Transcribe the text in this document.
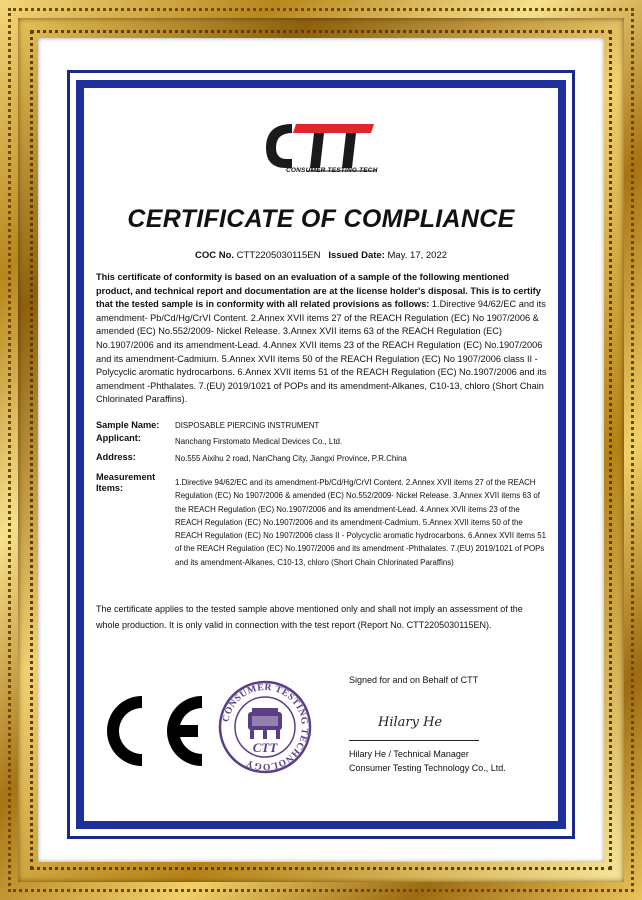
CONSUMER TESTING TECH
CERTIFICATE OF COMPLIANCE
COC No. CTT2205030115EN Issued Date: May. 17, 2022
This certificate of conformity is based on an evaluation of a sample of the following mentioned product, and technical report and documentation are at the license holder's disposal. This is to certify that the tested sample is in conformity with all related provisions as follows: 1.Directive 94/62/EC and its amendment- Pb/Cd/Hg/CrVI Content. 2.Annex XVII items 27 of the REACH Regulation (EC) No 1907/2006 & amended (EC) No.552/2009- Nickel Release. 3.Annex XVII items 63 of the REACH Regulation (EC) No.1907/2006 and its amendment-Lead. 4.Annex XVII items 23 of the REACH Regulation (EC) No.1907/2006 and its amendment-Cadmium. 5.Annex XVII items 50 of the REACH Regulation (EC) No 1907/2006 class II - Polycyclic aromatic hydrocarbons. 6.Annex XVII items 51 of the REACH Regulation (EC) No.1907/2006 and its amendment -Phthalates. 7.(EU) 2019/1021 of POPs and its amendment-Alkanes, C10-13, chloro (Short Chain Chlorinated Paraffins).
Sample Name:	DISPOSABLE PIERCING INSTRUMENT
Applicant:	Nanchang Firstomato Medical Devices Co., Ltd.
Address:	No.555 Aixihu 2 road, NanChang City, Jiangxi Province, P.R.China
Measurement Items:
1.Directive 94/62/EC and its amendment-Pb/Cd/Hg/CrVI Content. 2.Annex XVII items 27 of the REACH Regulation (EC) No 1907/2006 & amended (EC) No.552/2009- Nickel Release. 3.Annex XVII items 63 of the REACH Regulation (EC) No.1907/2006 and its amendment-Lead. 4.Annex XVII items 23 of the REACH Regulation (EC) No.1907/2006 and its amendment-Cadmium. 5.Annex XVII items 50 of the REACH Regulation (EC) No 1907/2006 class II - Polycyclic aromatic hydrocarbons. 6.Annex XVII items 51 of the REACH Regulation (EC) No.1907/2006 and its amendment -Phthalates. 7.(EU) 2019/1021 of POPs and its amendment-Alkanes, C10-13, chloro (Short Chain Chlorinated Paraffins)
The certificate applies to the tested sample above mentioned only and shall not imply an assessment of the whole production. It is only valid in connection with the test report (Report No. CTT2205030115EN).
CONSUMER TESTING TECHNOLOGY
CTT
Signed for and on Behalf of CTT
Hilary He
Hilary He / Technical Manager
Consumer Testing Technology Co., Ltd.
